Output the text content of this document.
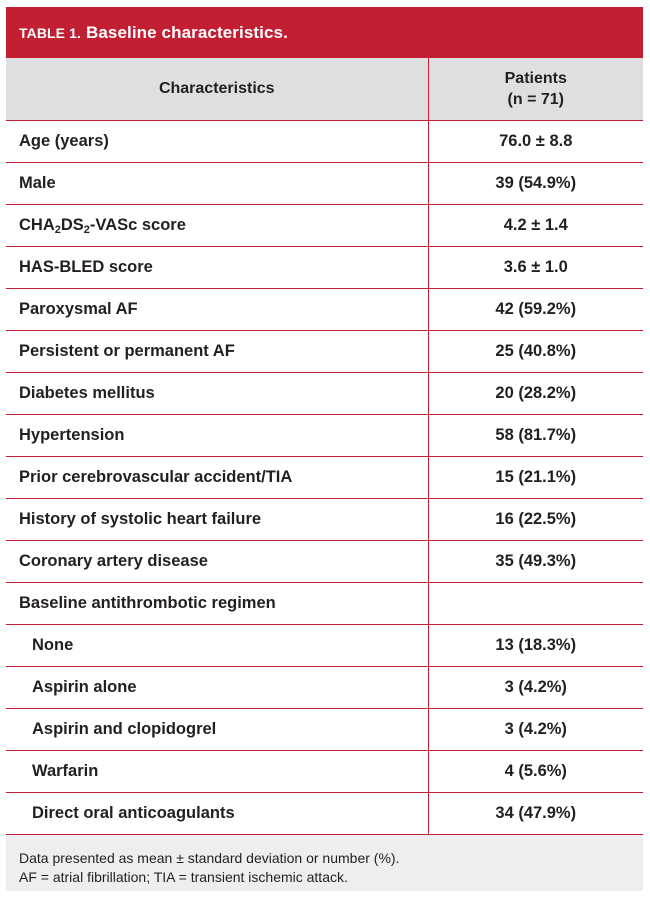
TABLE 1. Baseline characteristics.
Characteristics	Patients
(n = 71)

Age (years)	76.0 ± 8.8
Male	39 (54.9%)
$CHA_2DS_2$-VASc score	4.2 ± 1.4
HAS-BLED score	3.6 ± 1.0
Paroxysmal AF	42 (59.2%)
Persistent or permanent AF	25 (40.8%)
Diabetes mellitus	20 (28.2%)
Hypertension	58 (81.7%)
Prior cerebrovascular accident/TIA	15 (21.1%)
History of systolic heart failure	16 (22.5%)
Coronary artery disease	35 (49.3%)
Baseline antithrombotic regimen	
None	13 (18.3%)
Aspirin alone	3 (4.2%)
Aspirin and clopidogrel	3 (4.2%)
Warfarin	4 (5.6%)
Direct oral anticoagulants	34 (47.9%)
Data presented as mean ± standard deviation or number (%).
AF = atrial fibrillation; TIA = transient ischemic attack.
